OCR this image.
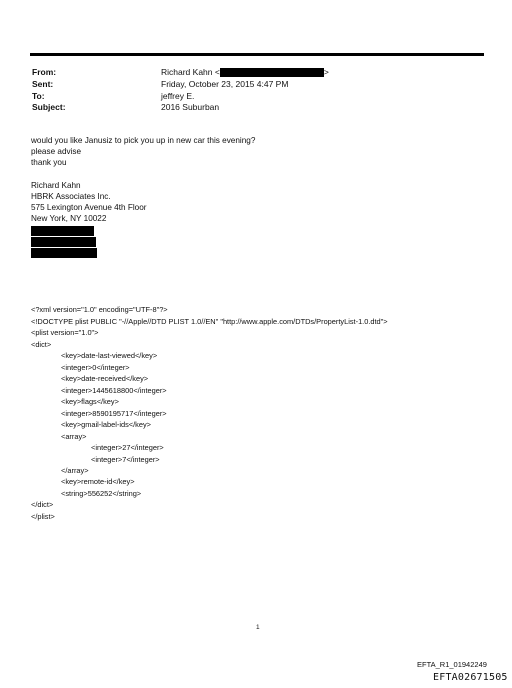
From:	Richard Kahn <	>
Sent:	Friday, October 23, 2015 4:47 PM
To:	jeffrey E.
Subject:	2016 Suburban
would you like Janusiz to pick you up in new car this evening?
please advise
thank you
Richard Kahn
HBRK Associates Inc.
575 Lexington Avenue 4th Floor
New York, NY 10022
<?xml version="1.0" encoding="UTF-8"?>
<!DOCTYPE plist PUBLIC "-//Apple//DTD PLIST 1.0//EN" "http://www.apple.com/DTDs/PropertyList-1.0.dtd">
<plist version="1.0">
<dict>
<key>date-last-viewed</key>
<integer>0</integer>
<key>date-received</key>
<integer>1445618800</integer>
<key>flags</key>
<integer>8590195717</integer>
<key>gmail-label-ids</key>
<array>
<integer>27</integer>
<integer>7</integer>
</array>
<key>remote-id</key>
<string>556252</string>
</dict>
</plist>
1
EFTA_R1_01942249
EFTA02671505
